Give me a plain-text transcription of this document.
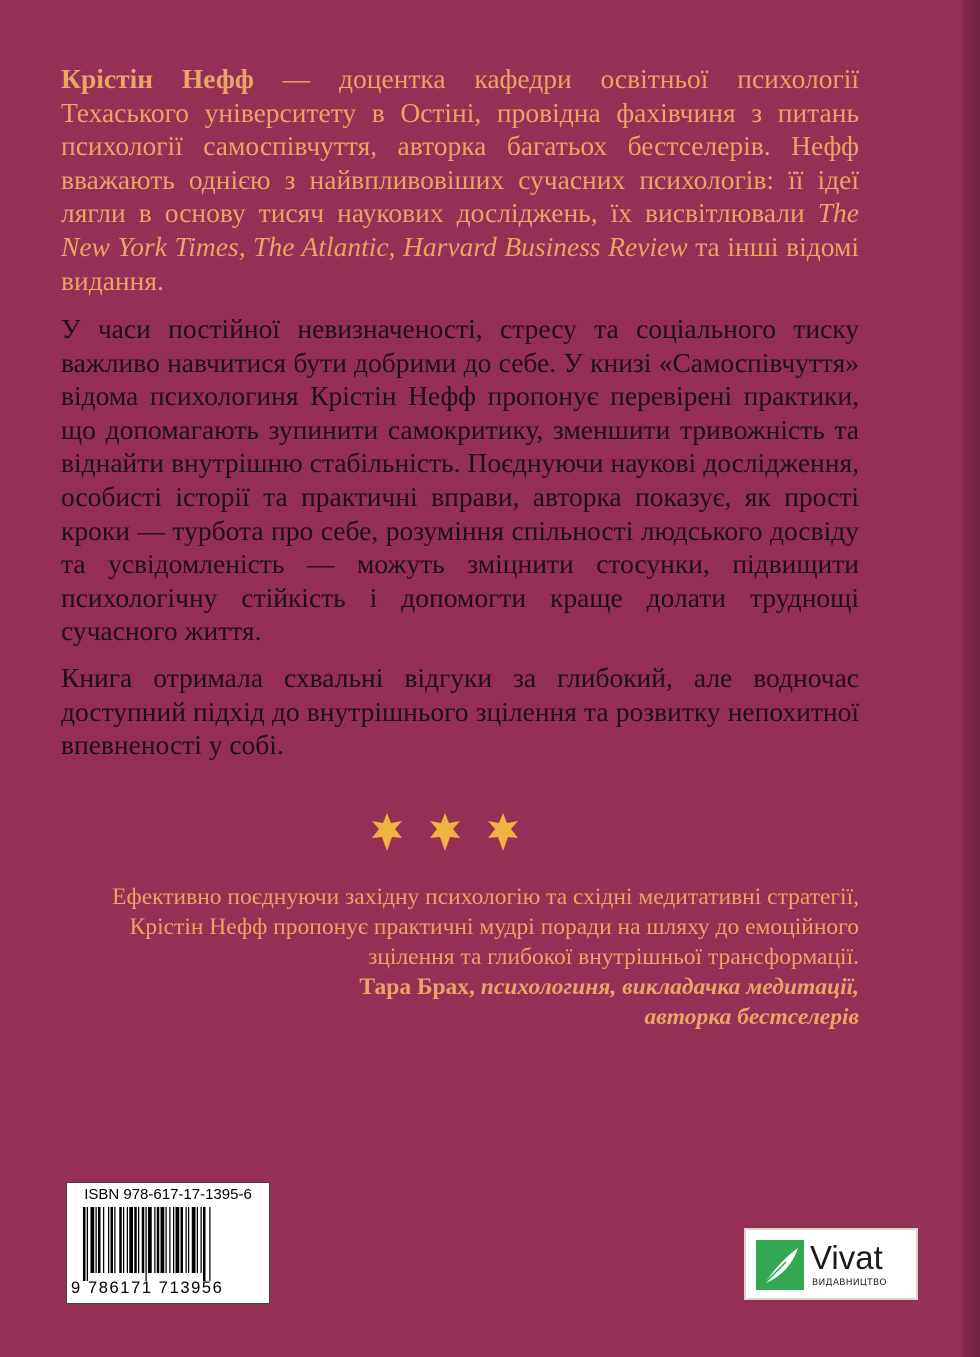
Крістін Нефф — доцентка кафедри освітньої психології Техаського університету в Остіні, провідна фахівчиня з питань психології самоспівчуття, авторка багатьох бестселерів. Нефф вважають однією з найвпливовіших сучасних психологів: її ідеї лягли в основу тисяч наукових досліджень, їх висвітлювали The New York Times, The Atlantic, Harvard Business Review та інші відомі видання.

У часи постійної невизначеності, стресу та соціального тиску важливо навчитися бути добрими до себе. У книзі «Самоспівчуття» відома психологиня Крістін Нефф пропонує перевірені практики, що допомагають зупинити самокритику, зменшити тривожність та віднайти внутрішню стабільність. Поєднуючи наукові дослідження, особисті історії та практичні вправи, авторка показує, як прості кроки — турбота про себе, розуміння спільності людського досвіду та усвідомленість — можуть зміцнити стосунки, підвищити психологічну стійкість і допомогти краще долати труднощі сучасного життя.

Книга отримала схвальні відгуки за глибокий, але водночас доступний підхід до внутрішнього зцілення та розвитку непохитної впевненості у собі.

Ефективно поєднуючи західну психологію та східні медитативні стратегії, Крістін Нефф пропонує практичні мудрі поради на шляху до емоційного зцілення та глибокої внутрішньої трансформації.
Тара Брах, психологиня, викладачка медитації,
авторка бестселерів
ISBN 978-617-17-1395-6
9 786171 713956
Vivat
ВИДАВНИЦТВО
